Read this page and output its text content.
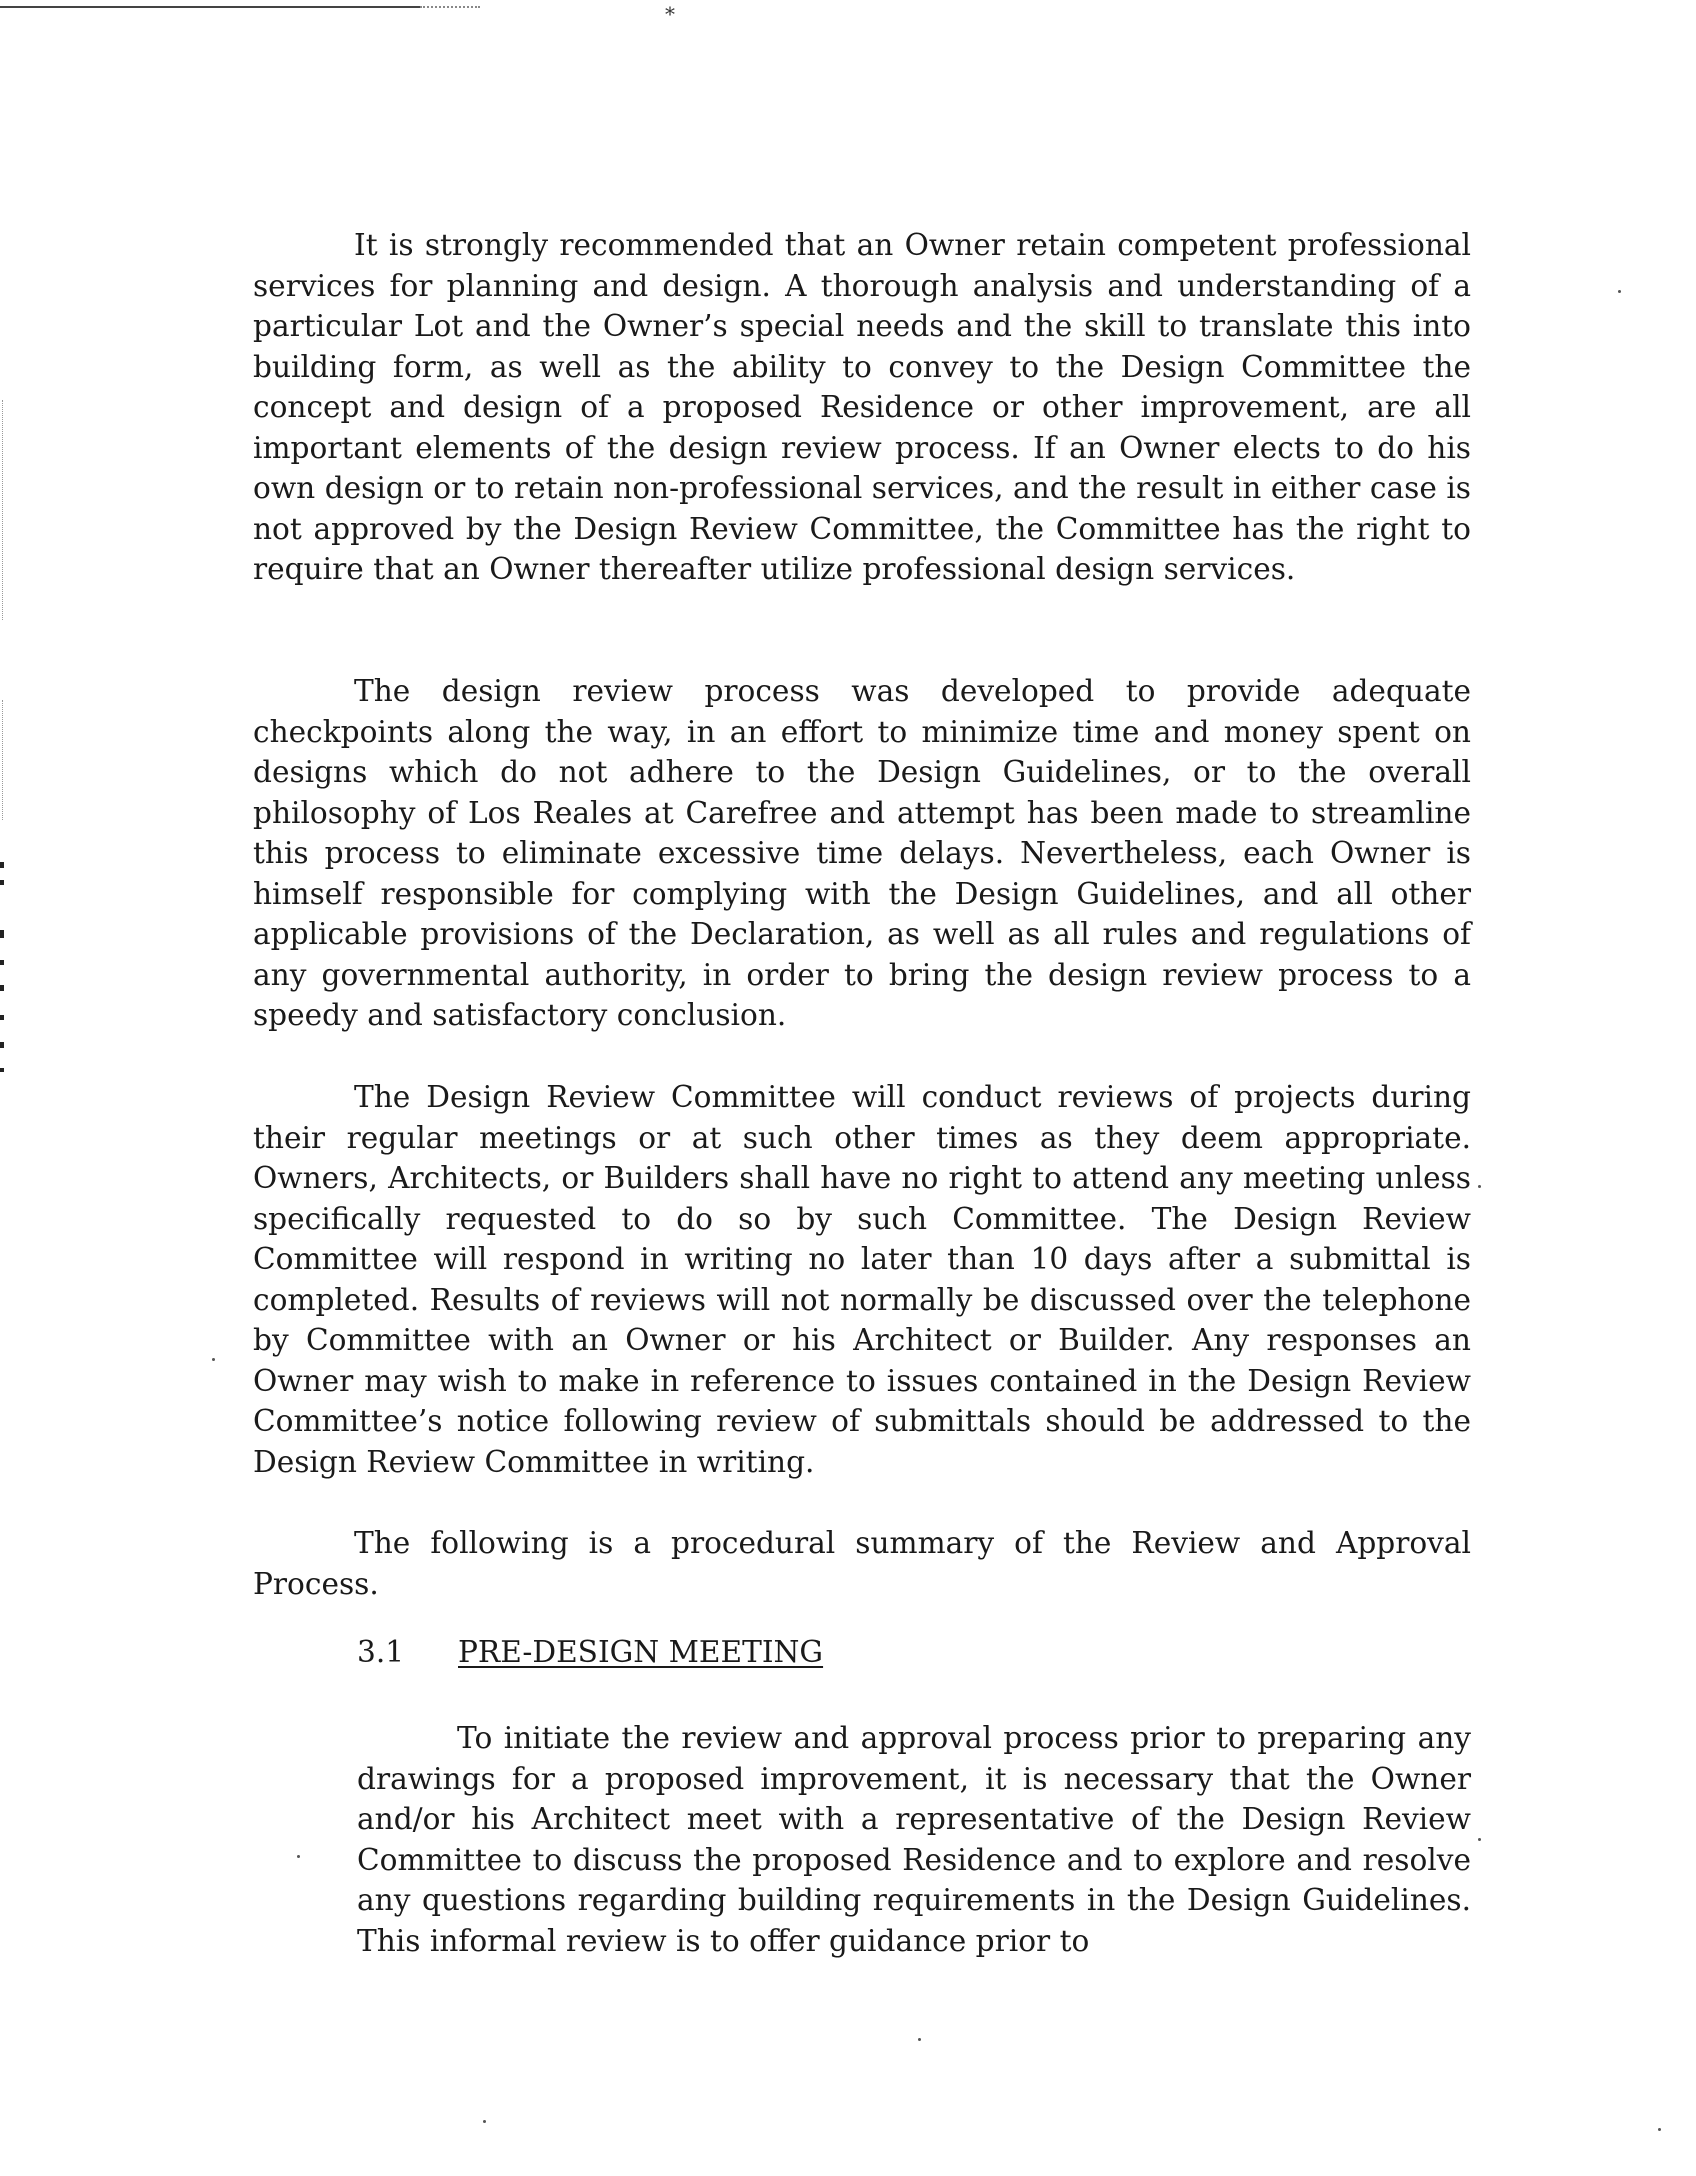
*

It is strongly recommended that an Owner retain competent professional services for planning and design. A thorough analysis and understanding of a particular Lot and the Owner’s special needs and the skill to translate this into building form, as well as the ability to convey to the Design Committee the concept and design of a proposed Residence or other improvement, are all important elements of the design review process. If an Owner elects to do his own design or to retain non-professional services, and the result in either case is not approved by the Design Review Committee, the Committee has the right to require that an Owner thereafter utilize professional design services.

The design review process was developed to provide adequate checkpoints along the way, in an effort to minimize time and money spent on designs which do not adhere to the Design Guidelines, or to the overall philosophy of Los Reales at Carefree and attempt has been made to streamline this process to eliminate excessive time delays. Nevertheless, each Owner is himself responsible for complying with the Design Guidelines, and all other applicable provisions of the Declaration, as well as all rules and regulations of any governmental authority, in order to bring the design review process to a speedy and satisfactory conclusion.

The Design Review Committee will conduct reviews of projects during their regular meetings or at such other times as they deem appropriate. Owners, Architects, or Builders shall have no right to attend any meeting unless specifically requested to do so by such Committee. The Design Review Committee will respond in writing no later than 10 days after a submittal is completed. Results of reviews will not normally be discussed over the telephone by Committee with an Owner or his Architect or Builder. Any responses an Owner may wish to make in reference to issues contained in the Design Review Committee’s notice following review of submittals should be addressed to the Design Review Committee in writing.

The following is a procedural summary of the Review and Approval Process.

3.1 PRE-DESIGN MEETING

To initiate the review and approval process prior to preparing any drawings for a proposed improvement, it is necessary that the Owner and/or his Architect meet with a representative of the Design Review Committee to discuss the proposed Residence and to explore and resolve any questions regarding building requirements in the Design Guidelines. This informal review is to offer guidance prior to
